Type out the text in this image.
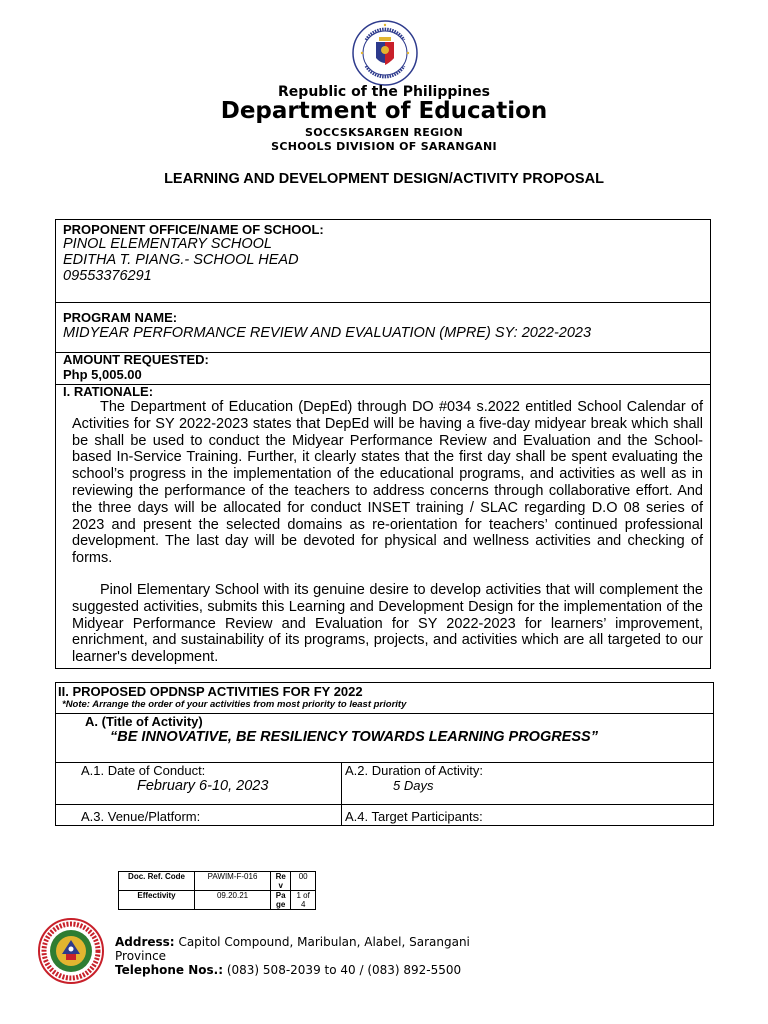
Republic of the Philippines
Department of Education
SOCCSKSARGEN REGION
SCHOOLS DIVISION OF SARANGANI
LEARNING AND DEVELOPMENT DESIGN/ACTIVITY PROPOSAL
PROPONENT OFFICE/NAME OF SCHOOL:
PINOL ELEMENTARY SCHOOL
EDITHA T. PIANG.- SCHOOL HEAD
09553376291
PROGRAM NAME:
MIDYEAR PERFORMANCE REVIEW AND EVALUATION (MPRE) SY: 2022-2023
AMOUNT REQUESTED:
Php 5,005.00
I. RATIONALE:
The Department of Education (DepEd) through DO #034 s.2022 entitled School Calendar of Activities for SY 2022-2023 states that DepEd will be having a five-day midyear break which shall be shall be used to conduct the Midyear Performance Review and Evaluation and the School-based In-Service Training. Further, it clearly states that the first day shall be spent evaluating the school’s progress in the implementation of the educational programs, and activities as well as in reviewing the performance of the teachers to address concerns through collaborative effort. And the three days will be allocated for conduct INSET training / SLAC regarding D.O 08 series of 2023 and present the selected domains as re-orientation for teachers’ continued professional development. The last day will be devoted for physical and wellness activities and checking of forms.
Pinol Elementary School with its genuine desire to develop activities that will complement the suggested activities, submits this Learning and Development Design for the implementation of the Midyear Performance Review and Evaluation for SY 2022-2023 for learners’ improvement, enrichment, and sustainability of its programs, projects, and activities which are all targeted to our learner's development.
II. PROPOSED OPDNSP ACTIVITIES FOR FY 2022
*Note: Arrange the order of your activities from most priority to least priority
A. (Title of Activity)
“BE INNOVATIVE, BE RESILIENCY TOWARDS LEARNING PROGRESS”
A.1. Date of Conduct:
February 6-10, 2023
A.2. Duration of Activity:
5 Days
A.3. Venue/Platform:	A.4. Target Participants:
Doc. Ref. Code	PAWIM-F-016	Re v	00
Effectivity	09.20.21	Pa ge	1 of 4
Address: Capitol Compound, Maribulan, Alabel, Sarangani Province
Telephone Nos.: (083) 508-2039 to 40 / (083) 892-5500
